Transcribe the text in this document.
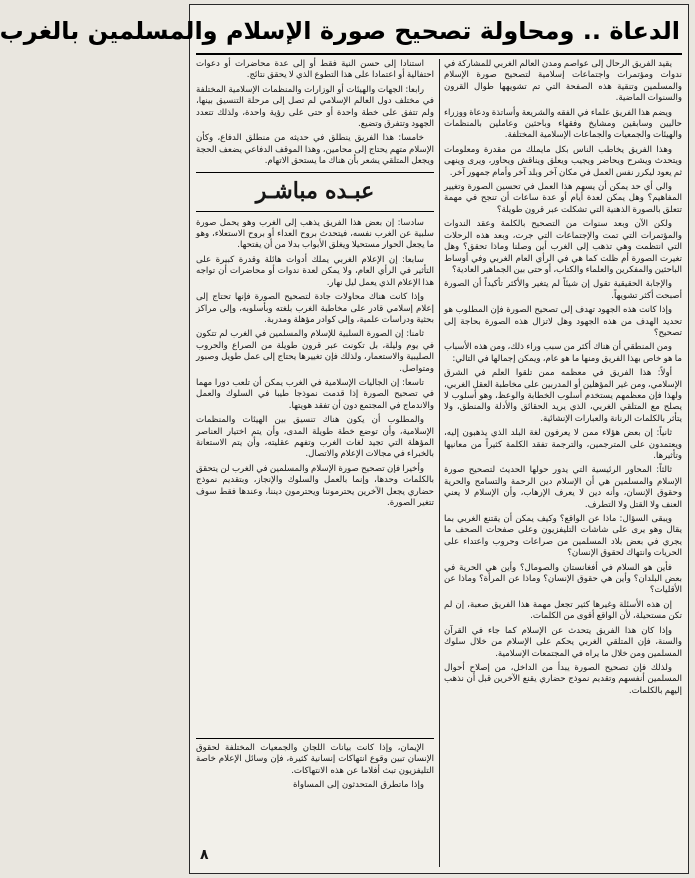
الدعاة .. ومحاولة تصحيح صورة الإسلام والمسلمين بالغرب

يقيد الفريق الرحال إلى عواصم ومدن العالم الغربي للمشاركة في ندوات ومؤتمرات واجتماعات إسلامية لتصحيح صورة الإسلام والمسلمين وتنقية هذه الصفحة التي تم تشويهها طوال القرون والسنوات الماضية.

ويضم هذا الفريق علماء في الفقه والشريعة وأساتذة ودعاة ووزراء حاليين وسابقين ومشايخ وفقهاء وباحثين وعاملين بالمنظمات والهيئات والجمعيات والجماعات الإسلامية المختلفة.

وهذا الفريق يخاطب الناس بكل مايملك من مقدرة ومعلومات ويتحدث ويشرح ويحاضر ويجيب ويعلق ويناقش ويحاور، ويرى وينهى ثم يعود ليكرر نفس العمل في مكان آخر وبلد آخر وأمام جمهور آخر.

والى أي حد يمكن أن يسهم هذا العمل في تحسين الصورة وتغيير المفاهيم؟ وهل يمكن لعدة أيام أو عدة ساعات أن تنجح في مهمة تتعلق بالصورة الذهنية التي تشكلت عبر قرون طويلة؟

ولكن الآن وبعد سنوات من التصحيح بالكلمة وعقد الندوات والمؤتمرات التي تمت والإجتماعات التي جرت، وبعد هذه الرحلات التي انتظمت وهي تذهب إلى الغرب أين وصلنا وماذا تحقق؟ وهل تغيرت الصورة أم ظلت كما هي في الرأي العام الغربي وفي أوساط الباحثين والمفكرين والعلماء والكتاب، أو حتى بين الجماهير العادية؟

والإجابة الحقيقية تقول إن شيئاً لم يتغير والأكثر تأكيداً أن الصورة أصبحت أكثر تشويهاً.

وإذا كانت هذه الجهود تهدف إلى تصحيح الصورة فإن المطلوب هو تحديد الهدف من هذه الجهود وهل لاتزال هذه الصورة بحاجة إلى تصحيح؟

ومن المنطقي أن هناك أكثر من سبب وراء ذلك، ومن هذه الأسباب ما هو خاص بهذا الفريق ومنها ما هو عام، ويمكن إجمالها في التالي:

أولاً: هذا الفريق في معظمه ممن تلقوا العلم في الشرق الإسلامي، ومن غير المؤهلين أو المدربين على مخاطبة العقل الغربي، ولهذا فإن معظمهم يستخدم أسلوب الخطابة والوعظ، وهو أسلوب لا يصلح مع المتلقي الغربي، الذي يريد الحقائق والأدلة والمنطق، ولا يتأثر بالكلمات الرنانة والعبارات الإنشائية.

ثانياً: إن بعض هؤلاء ممن لا يعرفون لغة البلد الذي يذهبون إليه، ويعتمدون على المترجمين، والترجمة تفقد الكلمة كثيراً من معانيها وتأثيرها.

ثالثاً: المحاور الرئيسية التي يدور حولها الحديث لتصحيح صورة الإسلام والمسلمين هي أن الإسلام دين الرحمة والتسامح والحرية وحقوق الإنسان، وأنه دين لا يعرف الإرهاب، وأن الإسلام لا يعني العنف ولا القتل ولا التطرف.

ويبقى السؤال: ماذا عن الواقع؟ وكيف يمكن أن يقتنع الغربي بما يقال وهو يرى على شاشات التليفزيون وعلى صفحات الصحف ما يجري في بعض بلاد المسلمين من صراعات وحروب واعتداء على الحريات وانتهاك لحقوق الإنسان؟

فأين هو السلام في أفغانستان والصومال؟ وأين هي الحرية في بعض البلدان؟ وأين هي حقوق الإنسان؟ وماذا عن المرأة؟ وماذا عن الأقليات؟

إن هذه الأسئلة وغيرها كثير تجعل مهمة هذا الفريق صعبة، إن لم تكن مستحيلة، لأن الواقع أقوى من الكلمات.

وإذا كان هذا الفريق يتحدث عن الإسلام كما جاء في القرآن والسنة، فإن المتلقي الغربي يحكم على الإسلام من خلال سلوك المسلمين ومن خلال ما يراه في المجتمعات الإسلامية.

ولذلك فإن تصحيح الصورة يبدأ من الداخل، من إصلاح أحوال المسلمين أنفسهم وتقديم نموذج حضاري يقنع الآخرين قبل أن نذهب إليهم بالكلمات.

استنادا إلى حسن النية فقط أو إلى عدة محاضرات أو دعوات احتفالية أو اعتمادا على هذا التطوع الذي لا يحقق نتائج.

رابعا: الجهات والهيئات أو الوزارات والمنظمات الإسلامية المختلفة في مختلف دول العالم الإسلامي لم تصل إلى مرحلة التنسيق بينها، ولم تتفق على خطة واحدة أو حتى على رؤية واحدة، ولذلك تتعدد الجهود وتتفرق وتضيع.

خامسا: هذا الفريق ينطلق في حديثه من منطلق الدفاع، وكأن الإسلام متهم يحتاج إلى محامين، وهذا الموقف الدفاعي يضعف الحجة ويجعل المتلقي يشعر بأن هناك ما يستحق الاتهام.

عبـده مباشـر

سادسا: إن بعض هذا الفريق يذهب إلى الغرب وهو يحمل صورة سلبية عن الغرب نفسه، فيتحدث بروح العداء أو بروح الاستعلاء، وهو ما يجعل الحوار مستحيلا ويغلق الأبواب بدلا من أن يفتحها.

سابعا: إن الإعلام الغربي يملك أدوات هائلة وقدرة كبيرة على التأثير في الرأي العام، ولا يمكن لعدة ندوات أو محاضرات أن تواجه هذا الإعلام الذي يعمل ليل نهار.

وإذا كانت هناك محاولات جادة لتصحيح الصورة فإنها تحتاج إلى إعلام إسلامي قادر على مخاطبة الغرب بلغته وبأسلوبه، وإلى مراكز بحثية ودراسات علمية، وإلى كوادر مؤهلة ومدربة.

ثامنا: إن الصورة السلبية للإسلام والمسلمين في الغرب لم تتكون في يوم وليلة، بل تكونت عبر قرون طويلة من الصراع والحروب الصليبية والاستعمار، ولذلك فإن تغييرها يحتاج إلى عمل طويل وصبور ومتواصل.

تاسعا: إن الجاليات الإسلامية في الغرب يمكن أن تلعب دورا مهما في تصحيح الصورة إذا قدمت نموذجا طيبا في السلوك والعمل والاندماج في المجتمع دون أن تفقد هويتها.

والمطلوب أن يكون هناك تنسيق بين الهيئات والمنظمات الإسلامية، وأن توضع خطة طويلة المدى، وأن يتم اختيار العناصر المؤهلة التي تجيد لغات الغرب وتفهم عقليته، وأن يتم الاستعانة بالخبراء في مجالات الإعلام والاتصال.

وأخيرا فإن تصحيح صورة الإسلام والمسلمين في الغرب لن يتحقق بالكلمات وحدها، وإنما بالعمل والسلوك والإنجاز، وبتقديم نموذج حضاري يجعل الآخرين يحترموننا ويحترمون ديننا، وعندها فقط سوف تتغير الصورة.

الإيمان، وإذا كانت بيانات اللجان والجمعيات المختلفة لحقوق الإنسان تبين وقوع انتهاكات إنسانية كثيرة، فإن وسائل الإعلام خاصة التليفزيون تبث أفلاما عن هذه الانتهاكات.

وإذا ماتطرق المتحدثون إلى المساواة

٨
